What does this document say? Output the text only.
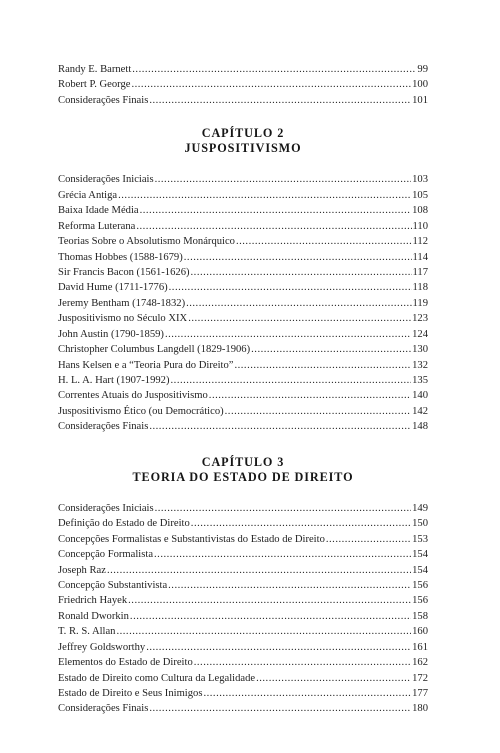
Randy E. Barnett .....	99
Robert P. George .....	100
Considerações Finais .....	101
CAPÍTULO 2
JUSPOSITIVISMO
Considerações Iniciais .....	103
Grécia Antiga .....	105
Baixa Idade Média .....	108
Reforma Luterana .....	110
Teorias Sobre o Absolutismo Monárquico .....	112
Thomas Hobbes (1588-1679) .....	114
Sir Francis Bacon (1561-1626) .....	117
David Hume (1711-1776) .....	118
Jeremy Bentham (1748-1832) .....	119
Juspositivismo no Século XIX .....	123
John Austin (1790-1859) .....	124
Christopher Columbus Langdell (1829-1906) .....	130
Hans Kelsen e a “Teoria Pura do Direito” .....	132
H. L. A. Hart (1907-1992) .....	135
Correntes Atuais do Juspositivismo .....	140
Juspositivismo Ético (ou Democrático) .....	142
Considerações Finais .....	148
CAPÍTULO 3
TEORIA DO ESTADO DE DIREITO
Considerações Iniciais .....	149
Definição do Estado de Direito .....	150
Concepções Formalistas e Substantivistas do Estado de Direito .....	153
Concepção Formalista .....	154
Joseph Raz .....	154
Concepção Substantivista .....	156
Friedrich Hayek .....	156
Ronald Dworkin .....	158
T. R. S. Allan .....	160
Jeffrey Goldsworthy .....	161
Elementos do Estado de Direito .....	162
Estado de Direito como Cultura da Legalidade .....	172
Estado de Direito e Seus Inimigos .....	177
Considerações Finais .....	180
